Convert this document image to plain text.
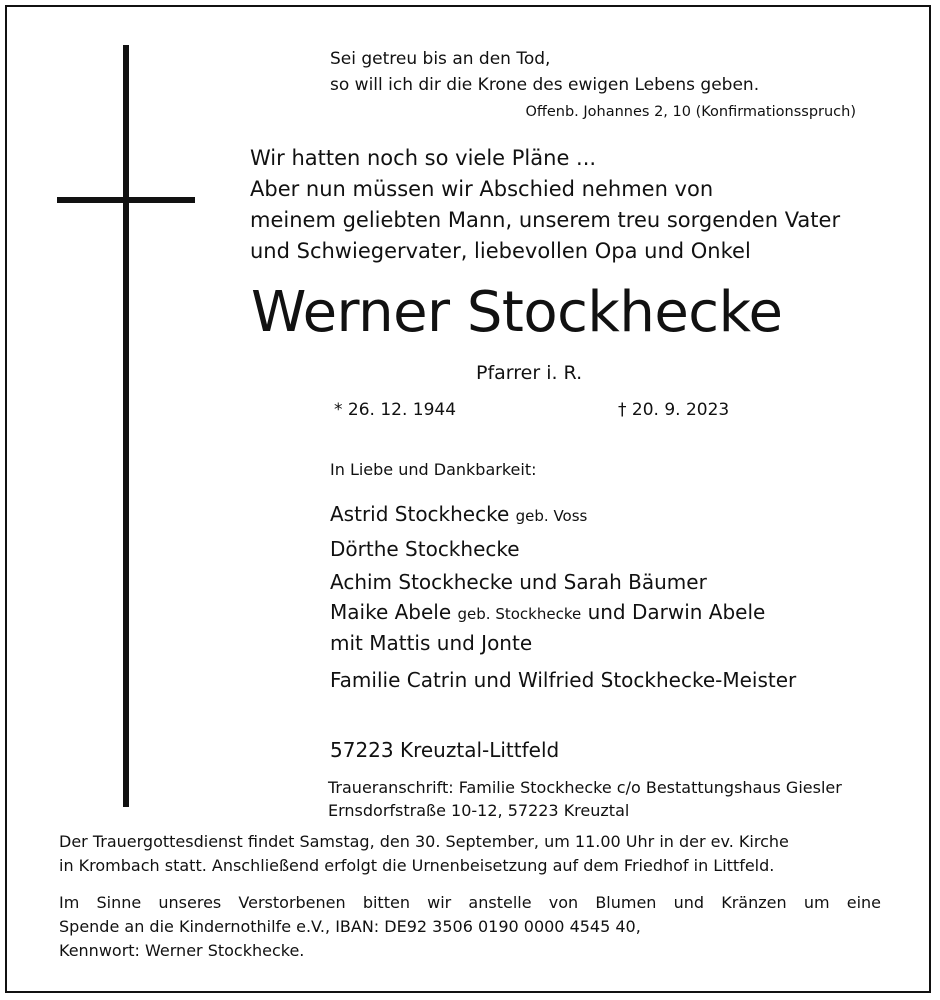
Sei getreu bis an den Tod,
so will ich dir die Krone des ewigen Lebens geben.
Offenb. Johannes 2, 10 (Konfirmationsspruch)
Wir hatten noch so viele Pläne ...
Aber nun müssen wir Abschied nehmen von
meinem geliebten Mann, unserem treu sorgenden Vater
und Schwiegervater, liebevollen Opa und Onkel
Werner Stockhecke
Pfarrer i. R.
* 26. 12. 1944	† 20. 9. 2023
In Liebe und Dankbarkeit:
Astrid Stockhecke geb. Voss
Dörthe Stockhecke
Achim Stockhecke und Sarah Bäumer
Maike Abele geb. Stockhecke und Darwin Abele
mit Mattis und Jonte
Familie Catrin und Wilfried Stockhecke-Meister
57223 Kreuztal-Littfeld
Traueranschrift: Familie Stockhecke c/o Bestattungshaus Giesler
Ernsdorfstraße 10-12, 57223 Kreuztal
Der Trauergottesdienst findet Samstag, den 30. September, um 11.00 Uhr in der ev. Kirche
in Krombach statt. Anschließend erfolgt die Urnenbeisetzung auf dem Friedhof in Littfeld.
Im Sinne unseres Verstorbenen bitten wir anstelle von Blumen und Kränzen um eine
Spende an die Kindernothilfe e.V., IBAN: DE92 3506 0190 0000 4545 40,
Kennwort: Werner Stockhecke.
